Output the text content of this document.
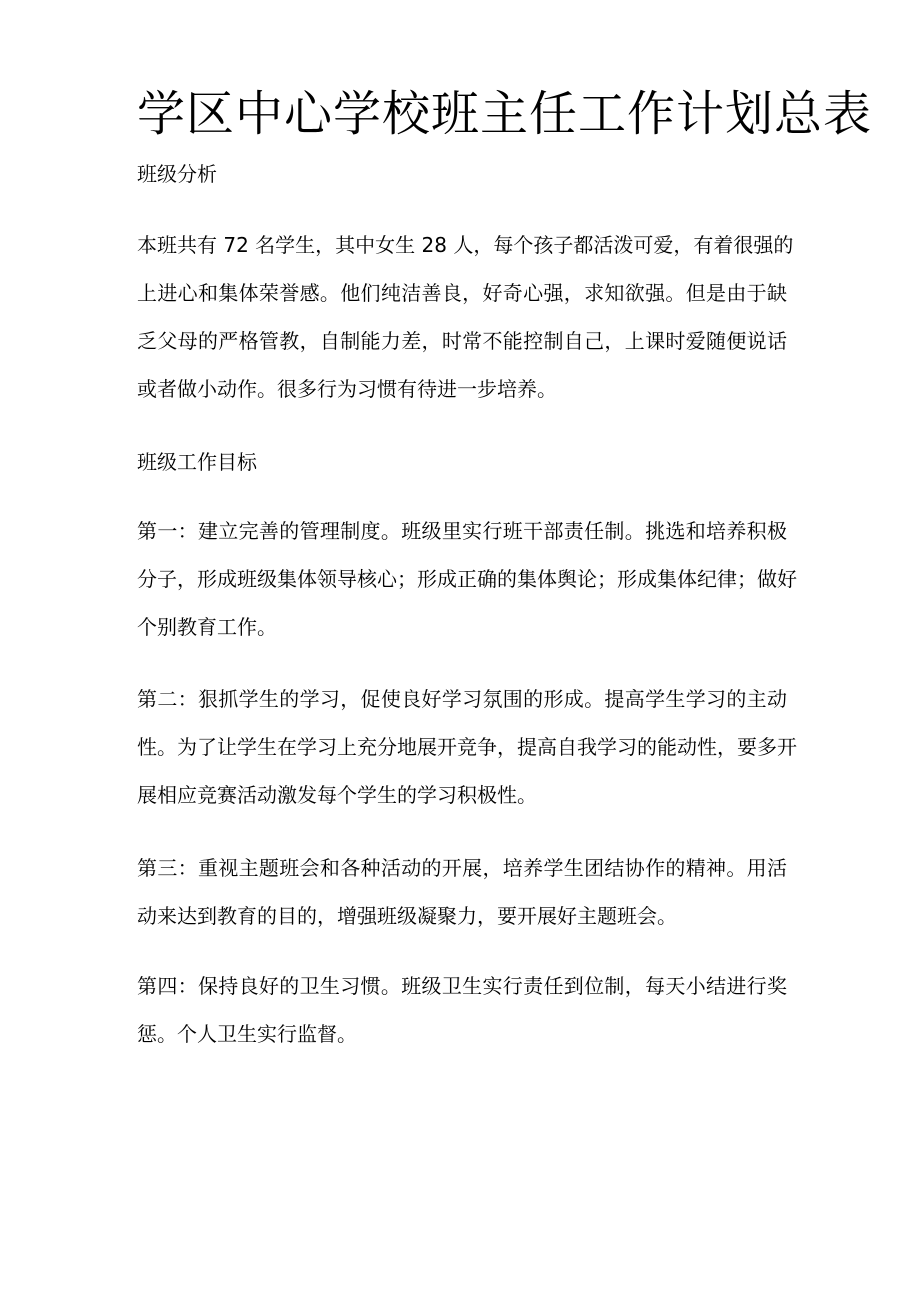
学区中心学校班主任工作计划总表
班级分析
本班共有 72 名学生，其中女生 28 人，每个孩子都活泼可爱，有着很强的
上进心和集体荣誉感。他们纯洁善良，好奇心强，求知欲强。但是由于缺
乏父母的严格管教，自制能力差，时常不能控制自己，上课时爱随便说话
或者做小动作。很多行为习惯有待进一步培养。
班级工作目标
第一：建立完善的管理制度。班级里实行班干部责任制。挑选和培养积极
分子，形成班级集体领导核心；形成正确的集体舆论；形成集体纪律；做好
个别教育工作。
第二：狠抓学生的学习，促使良好学习氛围的形成。提高学生学习的主动
性。为了让学生在学习上充分地展开竞争，提高自我学习的能动性，要多开
展相应竞赛活动激发每个学生的学习积极性。
第三：重视主题班会和各种活动的开展，培养学生团结协作的精神。用活
动来达到教育的目的，增强班级凝聚力，要开展好主题班会。
第四：保持良好的卫生习惯。班级卫生实行责任到位制，每天小结进行奖
惩。个人卫生实行监督。
